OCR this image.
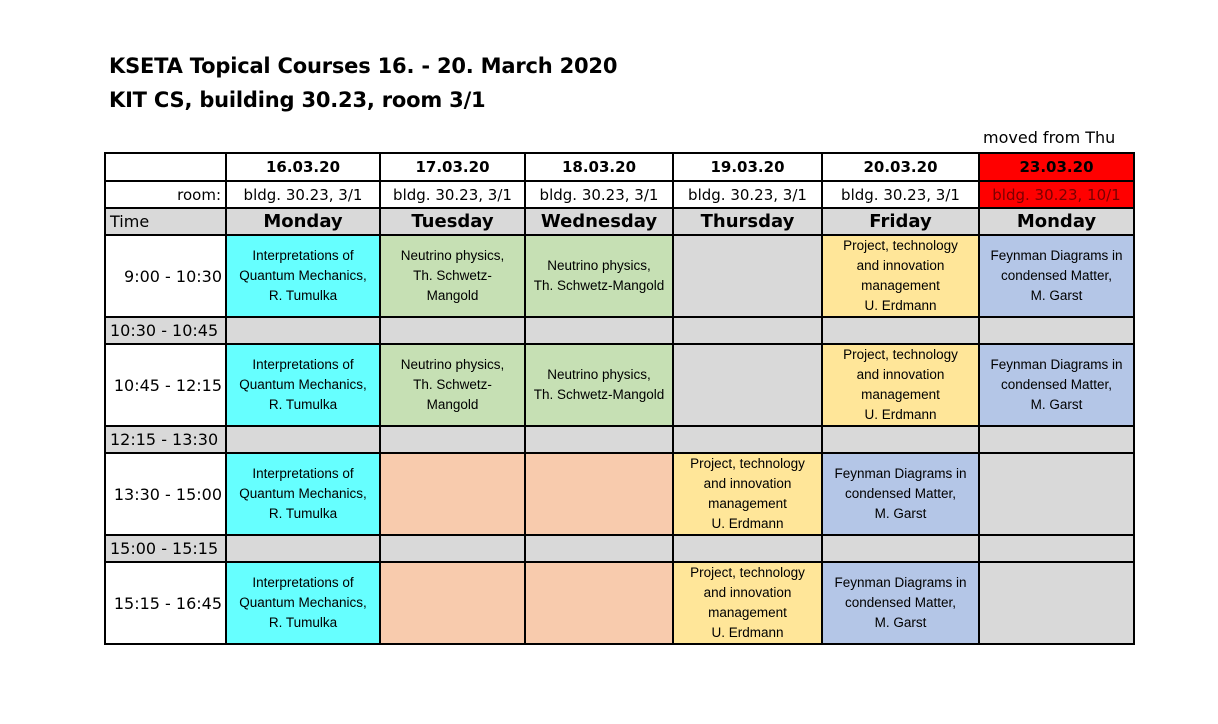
KSETA Topical Courses 16. - 20. March 2020
KIT CS, building 30.23, room 3/1
moved from Thu
	16.03.20	17.03.20	18.03.20	19.03.20	20.03.20	23.03.20
room:	bldg. 30.23, 3/1	bldg. 30.23, 3/1	bldg. 30.23, 3/1	bldg. 30.23, 3/1	bldg. 30.23, 3/1	bldg. 30.23, 10/1
Time	Monday	Tuesday	Wednesday	Thursday	Friday	Monday
9:00 - 10:30	Interpretations of
Quantum Mechanics,
R. Tumulka	Neutrino physics,
Th. Schwetz-
Mangold	Neutrino physics,
Th. Schwetz-Mangold		Project, technology
and innovation
management
U. Erdmann	Feynman Diagrams in
condensed Matter,
M. Garst

10:30 - 10:45						
10:45 - 12:15	Interpretations of
Quantum Mechanics,
R. Tumulka	Neutrino physics,
Th. Schwetz-
Mangold	Neutrino physics,
Th. Schwetz-Mangold		Project, technology
and innovation
management
U. Erdmann	Feynman Diagrams in
condensed Matter,
M. Garst

12:15 - 13:30						
13:30 - 15:00	Interpretations of
Quantum Mechanics,
R. Tumulka			Project, technology
and innovation
management
U. Erdmann	Feynman Diagrams in
condensed Matter,
M. Garst	

15:00 - 15:15						
15:15 - 16:45	Interpretations of
Quantum Mechanics,
R. Tumulka			Project, technology
and innovation
management
U. Erdmann	Feynman Diagrams in
condensed Matter,
M. Garst	
